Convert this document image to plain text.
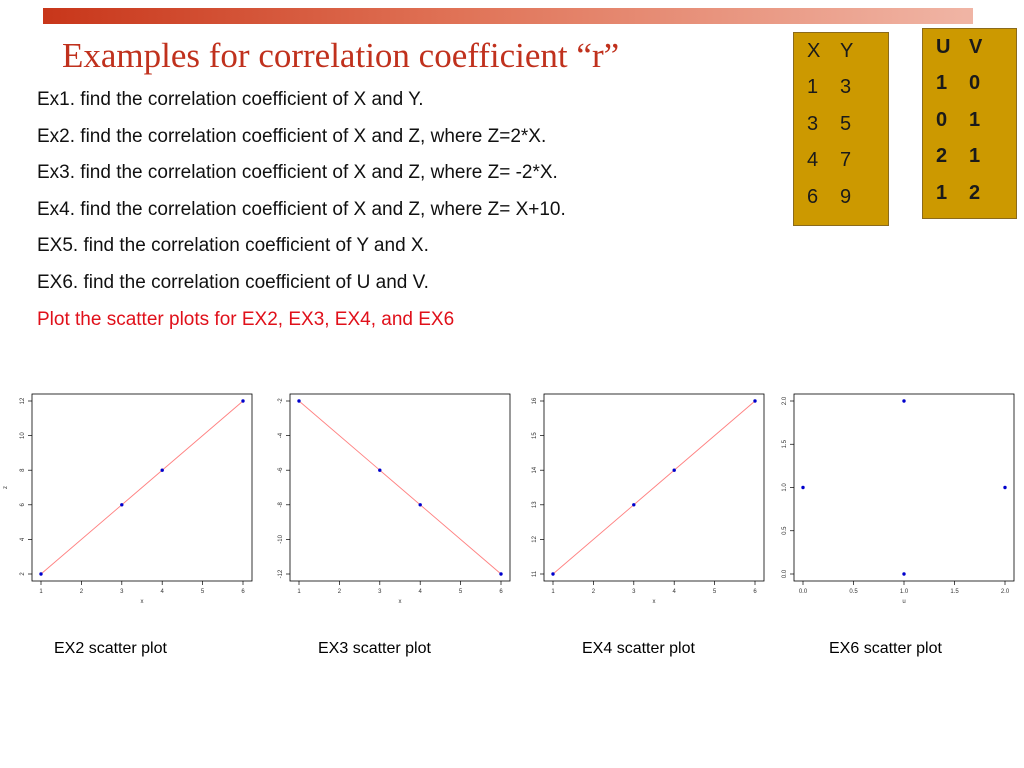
Examples for correlation coefficient “r”
Ex1. find the correlation coefficient of X and Y.
Ex2. find the correlation coefficient of X and Z, where Z=2*X.
Ex3. find the correlation coefficient of X and Z, where Z= -2*X.
Ex4. find the correlation coefficient of X and Z, where Z= X+10.
EX5. find the correlation coefficient of Y and X.
EX6. find the correlation coefficient of U and V.
Plot the scatter plots for EX2, EX3, EX4, and EX6
X	Y
1	3
3	5
4	7
6	9
U	V
1	0
0	1
2	1
1	2
1	2	3	4	5	6
2
4
6
8
10
12
x
z
1	2	3	4	5	6
-2
-4
-6
-8
-10
-12
x
1	2	3	4	5	6
11
12
13
14
15
16
x
0.0	0.5	1.0	1.5	2.0
0.0
0.5
1.0
1.5
2.0
u
EX2 scatter plot	EX3 scatter plot	EX4 scatter plot	EX6 scatter plot
